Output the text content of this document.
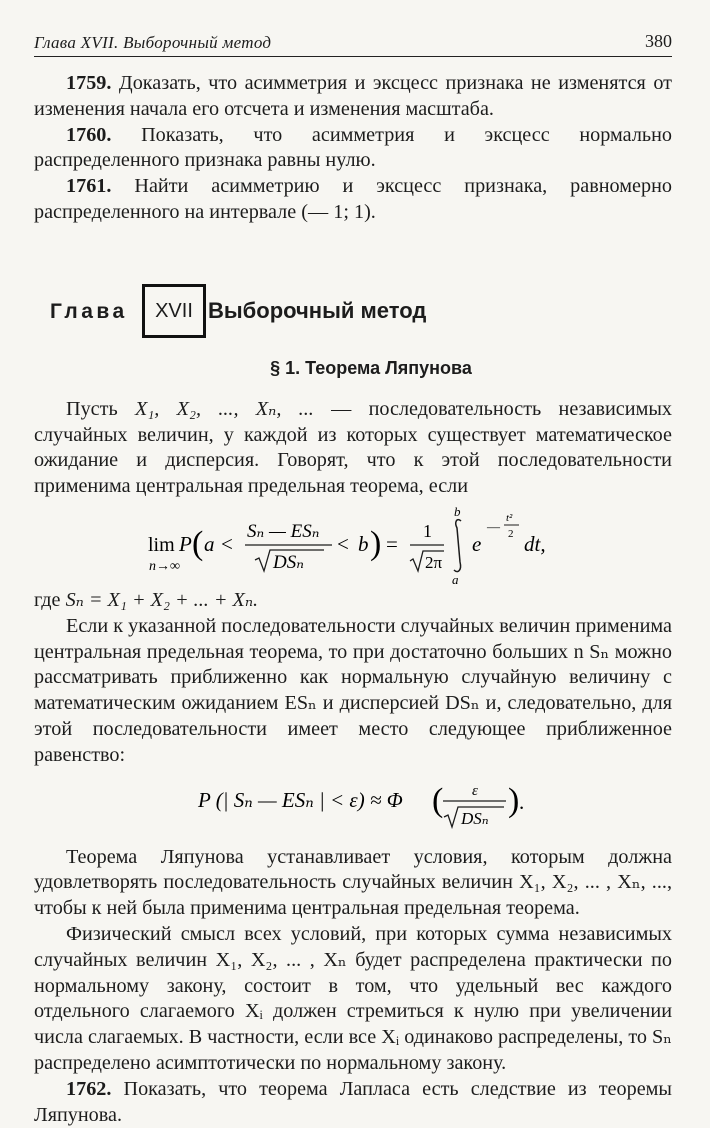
Глава XVII. Выборочный метод	380

1759. Доказать, что асимметрия и эксцесс признака не изменятся от изменения начала его отсчета и изменения масштаба.

1760. Показать, что асимметрия и эксцесс нормально распределенного признака равны нулю.

1761. Найти асимметрию и эксцесс признака, равномерно распределенного на интервале (— 1; 1).

Глава	XVII Выборочный метод
§ 1. Теорема Ляпунова

Пусть X₁, X₂, ..., Xₙ, ... — последовательность независимых случайных величин, у каждой из которых существует математическое ожидание и дисперсия. Говорят, что к этой последовательности применима центральная предельная теорема, если

lim
n→∞
P ( a <
Sₙ — ESₙ
DSₙ
< b ) =
1
2π
b
a
e
—
t²
2 dt,

где Sₙ = X₁ + X₂ + ... + Xₙ.

Если к указанной последовательности случайных величин применима центральная предельная теорема, то при достаточно больших n Sₙ можно рассматривать приближенно как нормальную случайную величину с математическим ожиданием ESₙ и дисперсией DSₙ и, следовательно, для этой последовательности имеет место следующее приближенное равенство:

P (| Sₙ — ESₙ | < ε) ≈ Φ ( ε
DSₙ ) .

Теорема Ляпунова устанавливает условия, которым должна удовлетворять последовательность случайных величин X₁, X₂, ... , Xₙ, ..., чтобы к ней была применима центральная предельная теорема.

Физический смысл всех условий, при которых сумма независимых случайных величин X₁, X₂, ... , Xₙ будет распределена практически по нормальному закону, состоит в том, что удельный вес каждого отдельного слагаемого Xᵢ должен стремиться к нулю при увеличении числа слагаемых. В частности, если все Xᵢ одинаково распределены, то Sₙ распределено асимптотически по нормальному закону.

1762. Показать, что теорема Лапласа есть следствие из теоремы Ляпунова.
